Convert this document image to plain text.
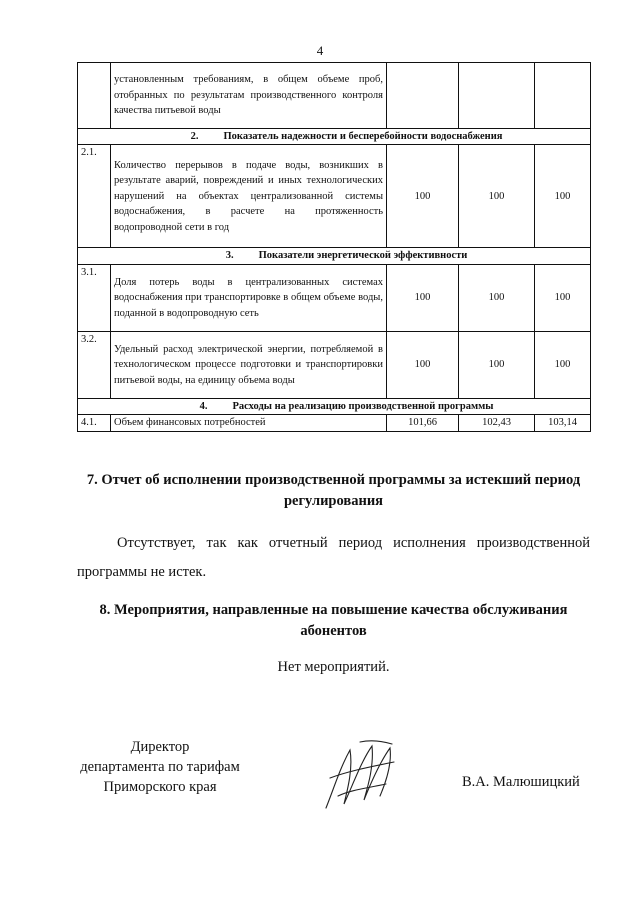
4
	установленным требованиям, в общем объеме проб, отобранных по результатам производственного контроля качества питьевой воды			
2. Показатель надежности и бесперебойности водоснабжения				
2.1.	Количество перерывов в подаче воды, возникших в результате аварий, повреждений и иных технологических нарушений на объектах централизованной системы водоснабжения, в расчете на протяженность водопроводной сети в год	100	100	100
3. Показатели энергетической эффективности				
3.1.	Доля потерь воды в централизованных системах водоснабжения при транспортировке в общем объеме воды, поданной в водопроводную сеть	100	100	100
3.2.	Удельный расход электрической энергии, потребляемой в технологическом процессе подготовки и транспортировки питьевой воды, на единицу объема воды	100	100	100
4. Расходы на реализацию производственной программы				
4.1.	Объем финансовых потребностей	101,66	102,43	103,14
7. Отчет об исполнении производственной программы за истекший период регулирования

Отсутствует, так как отчетный период исполнения производственной программы не истек.

8. Мероприятия, направленные на повышение качества обслуживания абонентов

Нет мероприятий.

Директор
департамента по тарифам
Приморского края	В.А. Малюшицкий
